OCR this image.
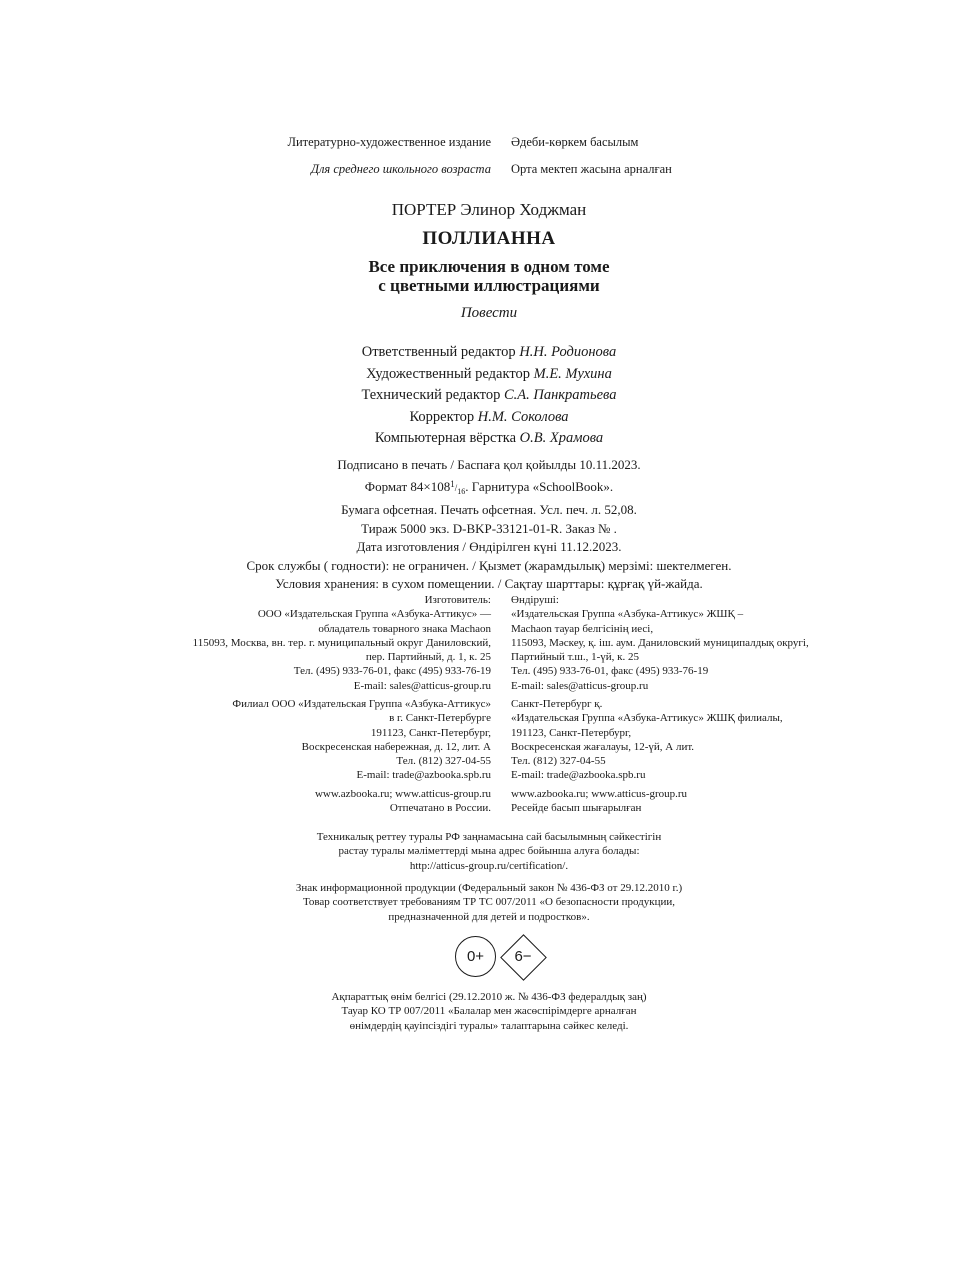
Литературно-художественное издание Әдеби-көркем басылым
Для среднего школьного возраста Орта мектеп жасына арналған
ПОРТЕР Элинор Ходжман
ПОЛЛИАННА
Все приключения в одном томе
с цветными иллюстрациями
Повести
Ответственный редактор Н.Н. Родионова
Художественный редактор М.Е. Мухина
Технический редактор С.А. Панкратьева
Корректор Н.М. Соколова
Компьютерная вёрстка О.В. Храмова
Подписано в печать / Баспаға қол қойылды 10.11.2023.
Формат $84\times 108^1/_{16}$. Гарнитура «SchoolBook».
Бумага офсетная. Печать офсетная. Усл. печ. л. 52,08.
Тираж 5000 экз. D-BKP-33121-01-R. Заказ № .
Дата изготовления / Өндірілген күні 11.12.2023.
Срок службы ( годности): не ограничен. / Қызмет (жарамдылық) мерзімі: шектелмеген.
Условия хранения: в сухом помещении. / Сақтау шарттары: құрғақ үй-жайда.
Изготовитель:
ООО «Издательская Группа «Азбука-Аттикус» —
обладатель товарного знака Machaon
115093, Москва, вн. тер. г. муниципальный округ Даниловский,
пер. Партийный, д. 1, к. 25
Тел. (495) 933-76-01, факс (495) 933-76-19
E-mail: sales@atticus-group.ru
Өндіруші:
«Издательская Группа «Азбука-Аттикус» ЖШҚ –
Machaon тауар белгісінің иесі,
115093, Мәскеу, қ. іш. аум. Даниловский муниципалдық округі,
Партийный т.ш., 1-үй, к. 25
Тел. (495) 933-76-01, факс (495) 933-76-19
E-mail: sales@atticus-group.ru
Филиал ООО «Издательская Группа «Азбука-Аттикус»
в г. Санкт-Петербурге
191123, Санкт-Петербург,
Воскресенская набережная, д. 12, лит. А
Тел. (812) 327-04-55
E-mail: trade@azbooka.spb.ru
Санкт-Петербург қ.
«Издательская Группа «Азбука-Аттикус» ЖШҚ филиалы,
191123, Санкт-Петербург,
Воскресенская жағалауы, 12-үй, А лит.
Тел. (812) 327-04-55
E-mail: trade@azbooka.spb.ru
www.azbooka.ru; www.atticus-group.ru
Отпечатано в России.
www.azbooka.ru; www.atticus-group.ru
Ресейде басып шығарылған
Техникалық реттеу туралы РФ заңнамасына сай басылымның сәйкестігін
растау туралы мәліметтерді мына адрес бойынша алуға болады:
http://atticus-group.ru/certification/.
Знак информационной продукции (Федеральный закон № 436-ФЗ от 29.12.2010 г.)
Товар соответствует требованиям ТР ТС 007/2011 «О безопасности продукции,
предназначенной для детей и подростков».
0+	6−
Ақпараттық өнім белгісі (29.12.2010 ж. № 436-ФЗ федералдық заң)
Тауар КО ТР 007/2011 «Балалар мен жасөспірімдерге арналған
өнімдердің қауіпсіздігі туралы» талаптарына сәйкес келеді.
